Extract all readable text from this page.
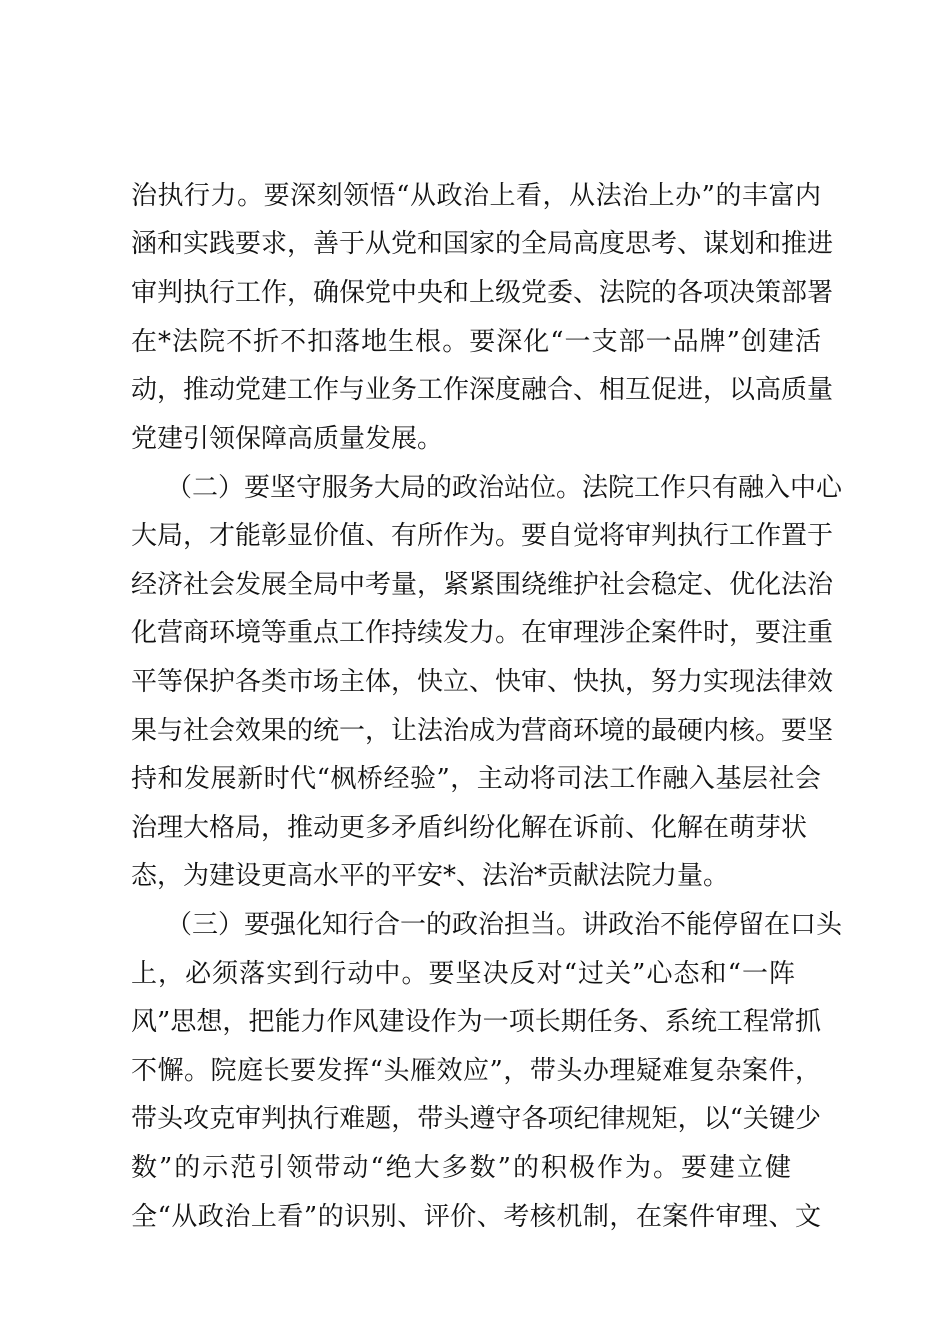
治执行力。要深刻领悟“从政治上看，从法治上办”的丰富内
涵和实践要求，善于从党和国家的全局高度思考、谋划和推进
审判执行工作，确保党中央和上级党委、法院的各项决策部署
在*法院不折不扣落地生根。要深化“一支部一品牌”创建活
动，推动党建工作与业务工作深度融合、相互促进，以高质量
党建引领保障高质量发展。
（二）要坚守服务大局的政治站位。法院工作只有融入中心
大局，才能彰显价值、有所作为。要自觉将审判执行工作置于
经济社会发展全局中考量，紧紧围绕维护社会稳定、优化法治
化营商环境等重点工作持续发力。在审理涉企案件时，要注重
平等保护各类市场主体，快立、快审、快执，努力实现法律效
果与社会效果的统一，让法治成为营商环境的最硬内核。要坚
持和发展新时代“枫桥经验”，主动将司法工作融入基层社会
治理大格局，推动更多矛盾纠纷化解在诉前、化解在萌芽状
态，为建设更高水平的平安*、法治*贡献法院力量。
（三）要强化知行合一的政治担当。讲政治不能停留在口头
上，必须落实到行动中。要坚决反对“过关”心态和“一阵
风”思想，把能力作风建设作为一项长期任务、系统工程常抓
不懈。院庭长要发挥“头雁效应”，带头办理疑难复杂案件，
带头攻克审判执行难题，带头遵守各项纪律规矩，以“关键少
数”的示范引领带动“绝大多数”的积极作为。要建立健
全“从政治上看”的识别、评价、考核机制，在案件审理、文
